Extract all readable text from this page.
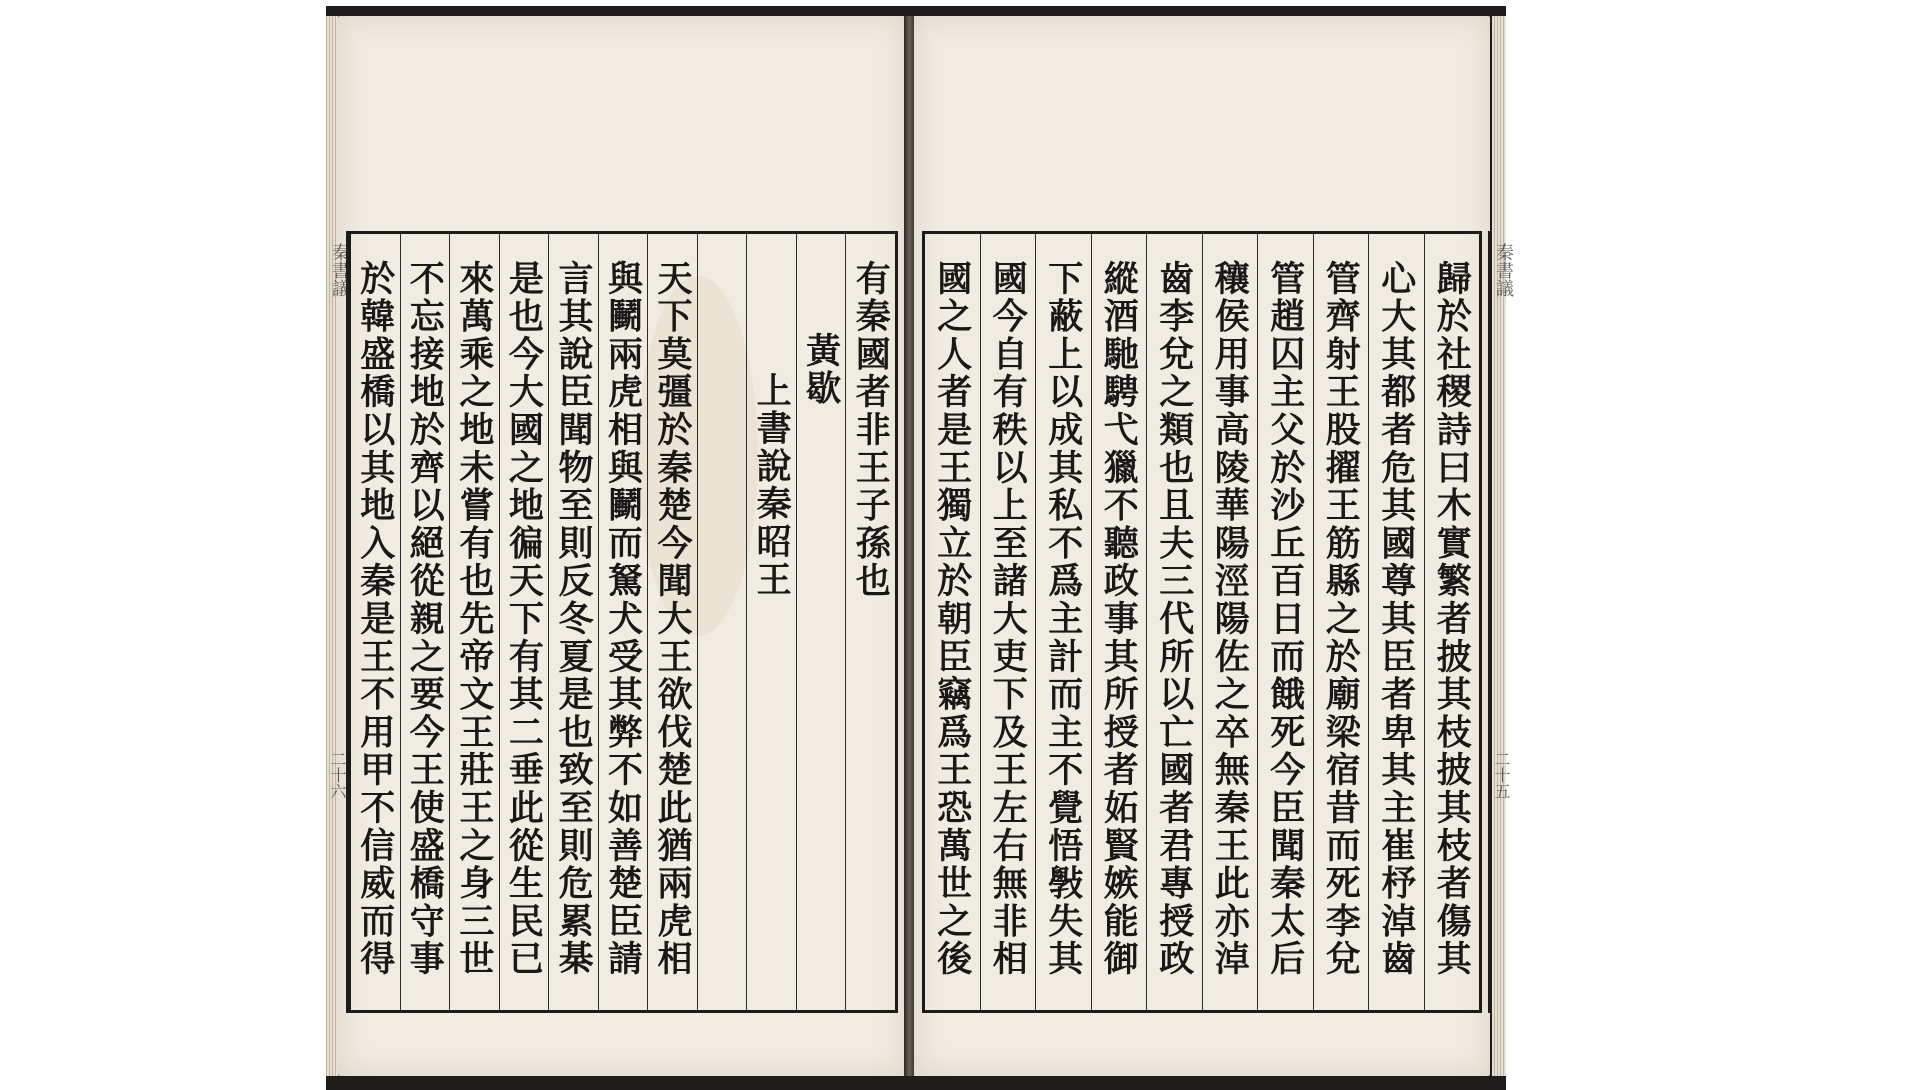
有秦國者非王子孫也
黃歇
上書說秦昭王
天下莫彊於秦楚今聞大王欲伐楚此猶兩虎相
與鬭兩虎相與鬭而駑犬受其弊不如善楚臣請
言其說臣聞物至則反冬夏是也致至則危累棊
是也今大國之地徧天下有其二垂此從生民已
來萬乘之地未嘗有也先帝文王莊王之身三世
不忘接地於齊以絕從親之要今王使盛橋守事
於韓盛橋以其地入秦是王不用甲不信威而得
秦書議
二十六	歸於社稷詩曰木實繁者披其枝披其枝者傷其
心大其都者危其國尊其臣者卑其主崔杼淖齒
管齊射王股擢王筋縣之於廟梁宿昔而死李兌
管趙囚主父於沙丘百日而餓死今臣聞秦太后
穰侯用事高陵華陽涇陽佐之卒無秦王此亦淖
齒李兌之類也且夫三代所以亡國者君專授政
縱酒馳騁弋獵不聽政事其所授者妬賢嫉能御
下蔽上以成其私不爲主計而主不覺悟斅失其
國今自有秩以上至諸大吏下及王左右無非相
國之人者是王獨立於朝臣竊爲王恐萬世之後	秦書議
二十五
